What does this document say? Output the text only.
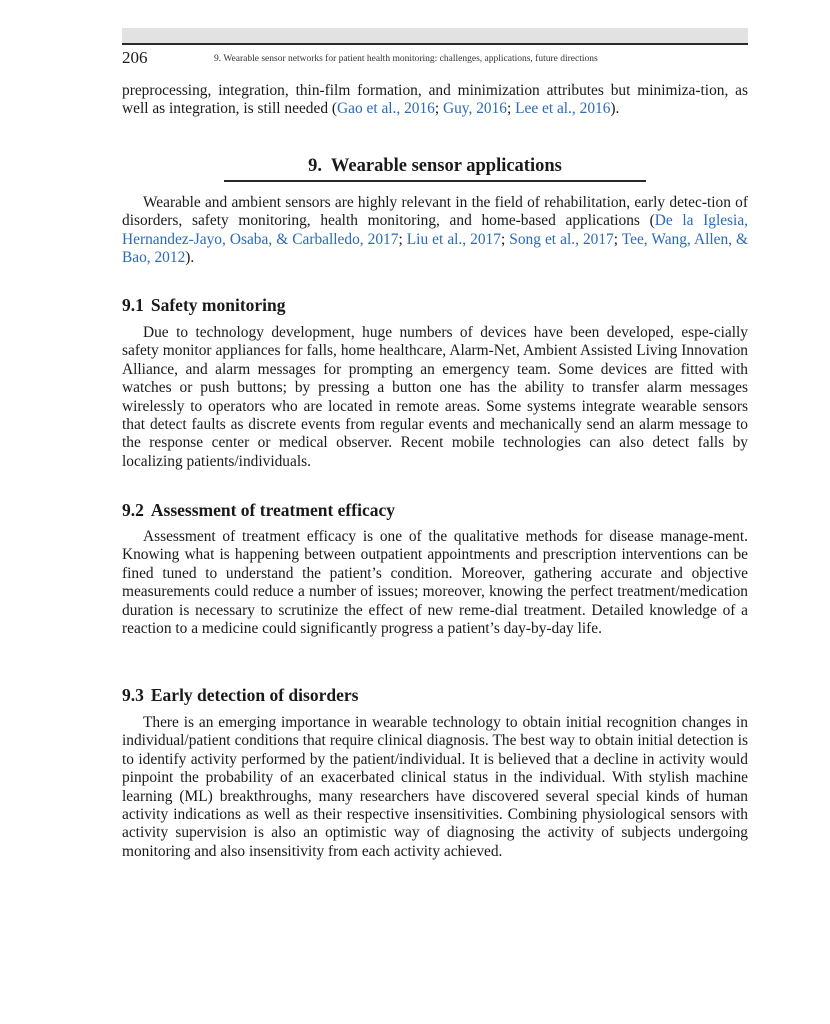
206	9. Wearable sensor networks for patient health monitoring: challenges, applications, future directions

preprocessing, integration, thin-film formation, and minimization attributes but minimiza-tion, as well as integration, is still needed (Gao et al., 2016; Guy, 2016; Lee et al., 2016).

9. Wearable sensor applications

Wearable and ambient sensors are highly relevant in the field of rehabilitation, early detec-tion of disorders, safety monitoring, health monitoring, and home-based applications (De la Iglesia, Hernandez-Jayo, Osaba, & Carballedo, 2017; Liu et al., 2017; Song et al., 2017; Tee, Wang, Allen, & Bao, 2012).

9.1 Safety monitoring

Due to technology development, huge numbers of devices have been developed, espe-cially safety monitor appliances for falls, home healthcare, Alarm-Net, Ambient Assisted Living Innovation Alliance, and alarm messages for prompting an emergency team. Some devices are fitted with watches or push buttons; by pressing a button one has the ability to transfer alarm messages wirelessly to operators who are located in remote areas. Some systems integrate wearable sensors that detect faults as discrete events from regular events and mechanically send an alarm message to the response center or medical observer. Recent mobile technologies can also detect falls by localizing patients/individuals.

9.2 Assessment of treatment efficacy

Assessment of treatment efficacy is one of the qualitative methods for disease manage-ment. Knowing what is happening between outpatient appointments and prescription interventions can be fined tuned to understand the patient’s condition. Moreover, gathering accurate and objective measurements could reduce a number of issues; moreover, knowing the perfect treatment/medication duration is necessary to scrutinize the effect of new reme-dial treatment. Detailed knowledge of a reaction to a medicine could significantly progress a patient’s day-by-day life.

9.3 Early detection of disorders

There is an emerging importance in wearable technology to obtain initial recognition changes in individual/patient conditions that require clinical diagnosis. The best way to obtain initial detection is to identify activity performed by the patient/individual. It is believed that a decline in activity would pinpoint the probability of an exacerbated clinical status in the individual. With stylish machine learning (ML) breakthroughs, many researchers have discovered several special kinds of human activity indications as well as their respective insensitivities. Combining physiological sensors with activity supervision is also an optimistic way of diagnosing the activity of subjects undergoing monitoring and also insensitivity from each activity achieved.
